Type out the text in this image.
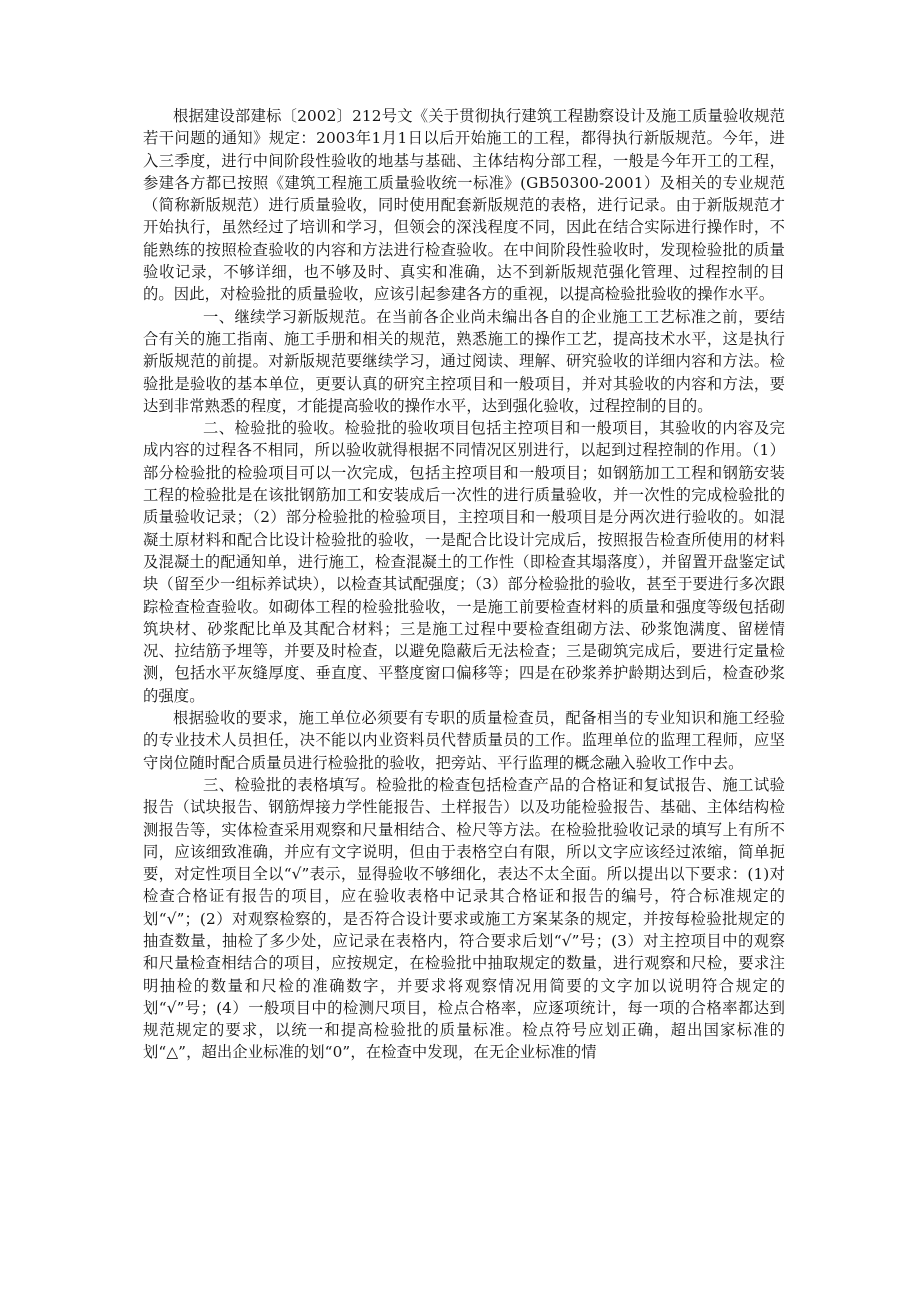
根据建设部建标〔2002〕212号文《关于贯彻执行建筑工程勘察设计及施工质量验收规范若干问题的通知》规定：2003年1月1日以后开始施工的工程，都得执行新版规范。今年，进入三季度，进行中间阶段性验收的地基与基础、主体结构分部工程，一般是今年开工的工程，参建各方都已按照《建筑工程施工质量验收统一标准》(GB50300-2001）及相关的专业规范（简称新版规范）进行质量验收，同时使用配套新版规范的表格，进行记录。由于新版规范才开始执行，虽然经过了培训和学习，但领会的深浅程度不同，因此在结合实际进行操作时，不能熟练的按照检查验收的内容和方法进行检查验收。在中间阶段性验收时，发现检验批的质量验收记录，不够详细，也不够及时、真实和准确，达不到新版规范强化管理、过程控制的目的。因此，对检验批的质量验收，应该引起参建各方的重视，以提高检验批验收的操作水平。

一、继续学习新版规范。在当前各企业尚未编出各自的企业施工工艺标准之前，要结合有关的施工指南、施工手册和相关的规范，熟悉施工的操作工艺，提高技术水平，这是执行新版规范的前提。对新版规范要继续学习，通过阅读、理解、研究验收的详细内容和方法。检验批是验收的基本单位，更要认真的研究主控项目和一般项目，并对其验收的内容和方法，要达到非常熟悉的程度，才能提高验收的操作水平，达到强化验收，过程控制的目的。

二、检验批的验收。检验批的验收项目包括主控项目和一般项目，其验收的内容及完成内容的过程各不相同，所以验收就得根据不同情况区别进行，以起到过程控制的作用。（1）部分检验批的检验项目可以一次完成，包括主控项目和一般项目；如钢筋加工工程和钢筋安装工程的检验批是在该批钢筋加工和安装成后一次性的进行质量验收，并一次性的完成检验批的质量验收记录；（2）部分检验批的检验项目，主控项目和一般项目是分两次进行验收的。如混凝土原材料和配合比设计检验批的验收，一是配合比设计完成后，按照报告检查所使用的材料及混凝土的配通知单，进行施工，检查混凝土的工作性（即检查其塌落度），并留置开盘鉴定试块（留至少一组标养试块），以检查其试配强度；（3）部分检验批的验收，甚至于要进行多次跟踪检查检查验收。如砌体工程的检验批验收，一是施工前要检查材料的质量和强度等级包括砌筑块材、砂浆配比单及其配合材料；三是施工过程中要检查组砌方法、砂浆饱满度、留槎情况、拉结筋予埋等，并要及时检查，以避免隐蔽后无法检查；三是砌筑完成后，要进行定量检测，包括水平灰缝厚度、垂直度、平整度窗口偏移等；四是在砂浆养护龄期达到后，检查砂浆的强度。

根据验收的要求，施工单位必须要有专职的质量检查员，配备相当的专业知识和施工经验的专业技术人员担任，决不能以内业资料员代替质量员的工作。监理单位的监理工程师，应坚守岗位随时配合质量员进行检验批的验收，把旁站、平行监理的概念融入验收工作中去。

三、检验批的表格填写。检验批的检查包括检查产品的合格证和复试报告、施工试验报告（试块报告、钢筋焊接力学性能报告、土样报告）以及功能检验报告、基础、主体结构检测报告等，实体检查采用观察和尺量相结合、检尺等方法。在检验批验收记录的填写上有所不同，应该细致准确，并应有文字说明，但由于表格空白有限，所以文字应该经过浓缩，简单扼要，对定性项目全以“√”表示，显得验收不够细化，表达不太全面。所以提出以下要求：(1)对检查合格证有报告的项目，应在验收表格中记录其合格证和报告的编号，符合标准规定的划“√”；(2）对观察检察的，是否符合设计要求或施工方案某条的规定，并按每检验批规定的抽查数量，抽检了多少处，应记录在表格内，符合要求后划“√”号；(3）对主控项目中的观察和尺量检查相结合的项目，应按规定，在检验批中抽取规定的数量，进行观察和尺检，要求注明抽检的数量和尺检的准确数字，并要求将观察情况用简要的文字加以说明符合规定的划“√”号；(4）一般项目中的检测尺项目，检点合格率，应逐项统计，每一项的合格率都达到规范规定的要求，以统一和提高检验批的质量标准。检点符号应划正确，超出国家标准的划“△”，超出企业标准的划“0”，在检查中发现，在无企业标准的情
